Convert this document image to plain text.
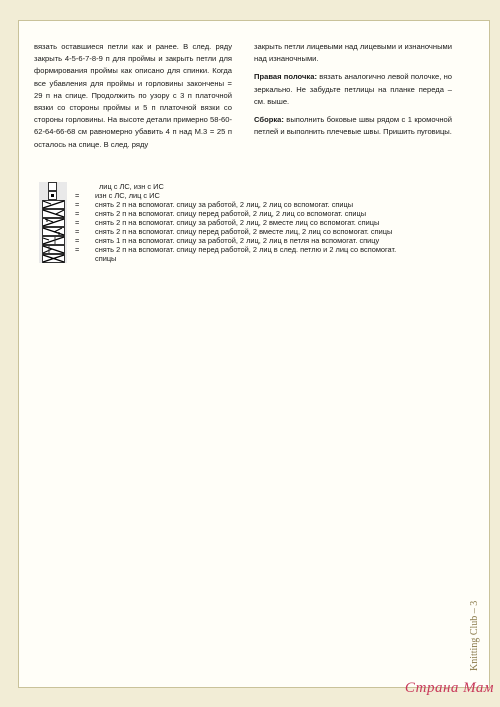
вязать оставшиеся петли как и ранее. В след. ряду закрыть 4-5-6-7-8-9 п для проймы и закрыть петли для формирования проймы как описано для спинки. Когда все убавления для проймы и горловины закончены = 29 п на спице. Продолжить по узору с 3 п платочной вязки со стороны проймы и 5 п платочной вязки со стороны горловины. На высоте детали примерно 58-60-62-64-66-68 см равномерно убавить 4 п над М.3 = 25 п осталось на спице. В след. ряду

закрыть петли лицевыми над лицевыми и изнаночными над изнаночными.

Правая полочка: вязать аналогично левой полочке, но зеркально. Не забудьте петлицы на планке переда – см. выше.

Сборка: выполнить боковые швы рядом с 1 кромочной петлей и выполнить плечевые швы. Пришить пуговицы.

лиц с ЛС, изн с ИС
=	изн с ЛС, лиц с ИС
=	снять 2 п на вспомогат. спицу за работой, 2 лиц, 2 лиц со вспомогат. спицы
=	снять 2 п на вспомогат. спицу перед работой, 2 лиц, 2 лиц со вспомогат. спицы
=	снять 2 п на вспомогат. спицу за работой, 2 лиц, 2 вместе лиц со вспомогат. спицы
=	снять 2 п на вспомогат. спицу перед работой, 2 вместе лиц, 2 лиц со вспомогат. спицы
=	снять 1 п на вспомогат. спицу за работой, 2 лиц, 2 лиц в петля на вспомогат. спицу
=	снять 2 п на вспомогат. спицу перед работой, 2 лиц в след. петлю и 2 лиц со вспомогат.
спицы
Knitting Club – 3
Страна Мам
